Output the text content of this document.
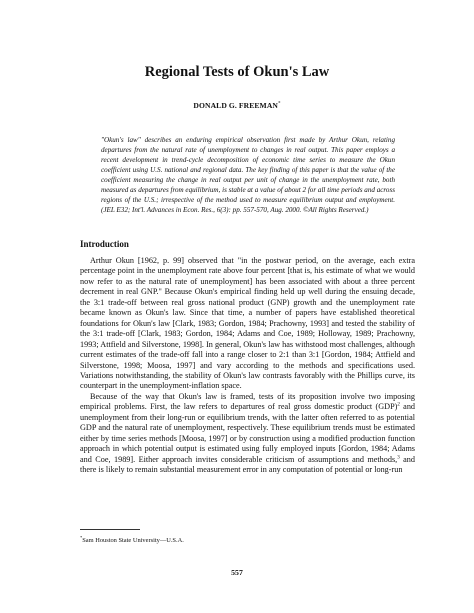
Regional Tests of Okun's Law
DONALD G. FREEMAN*

"Okun's law" describes an enduring empirical observation first made by Arthur Okun, relating departures from the natural rate of unemployment to changes in real output. This paper employs a recent development in trend-cycle decomposition of economic time series to measure the Okun coefficient using U.S. national and regional data. The key finding of this paper is that the value of the coefficient measuring the change in real output per unit of change in the unemployment rate, both measured as departures from equilibrium, is stable at a value of about 2 for all time periods and across regions of the U.S.; irrespective of the method used to measure equilibrium output and employment. (JEL E32; Int'l. Advances in Econ. Res., 6(3): pp. 557-570, Aug. 2000. ©All Rights Reserved.)

Introduction

Arthur Okun [1962, p. 99] observed that "in the postwar period, on the average, each extra percentage point in the unemployment rate above four percent [that is, his estimate of what we would now refer to as the natural rate of unemployment] has been associated with about a three percent decrement in real GNP." Because Okun's empirical finding held up well during the ensuing decade, the 3:1 trade-off between real gross national product (GNP) growth and the unemployment rate became known as Okun's law. Since that time, a number of papers have established theoretical foundations for Okun's law [Clark, 1983; Gordon, 1984; Prachowny, 1993] and tested the stability of the 3:1 trade-off [Clark, 1983; Gordon, 1984; Adams and Coe, 1989; Holloway, 1989; Prachowny, 1993; Attfield and Silverstone, 1998]. In general, Okun's law has withstood most challenges, although current estimates of the trade-off fall into a range closer to 2:1 than 3:1 [Gordon, 1984; Attfield and Silverstone, 1998; Moosa, 1997] and vary according to the methods and specifications used. Variations notwithstanding, the stability of Okun's law contrasts favorably with the Phillips curve, its counterpart in the unemployment-inflation space.

Because of the way that Okun's law is framed, tests of its proposition involve two imposing empirical problems. First, the law refers to departures of real gross domestic product (GDP)$^2$ and unemployment from their long-run or equilibrium trends, with the latter often referred to as potential GDP and the natural rate of unemployment, respectively. These equilibrium trends must be estimated either by time series methods [Moosa, 1997] or by construction using a modified production function approach in which potential output is estimated using fully employed inputs [Gordon, 1984; Adams and Coe, 1989]. Either approach invites considerable criticism of assumptions and methods,$^3$ and there is likely to remain substantial measurement error in any computation of potential or long-run

*Sam Houston State University—U.S.A.
557
